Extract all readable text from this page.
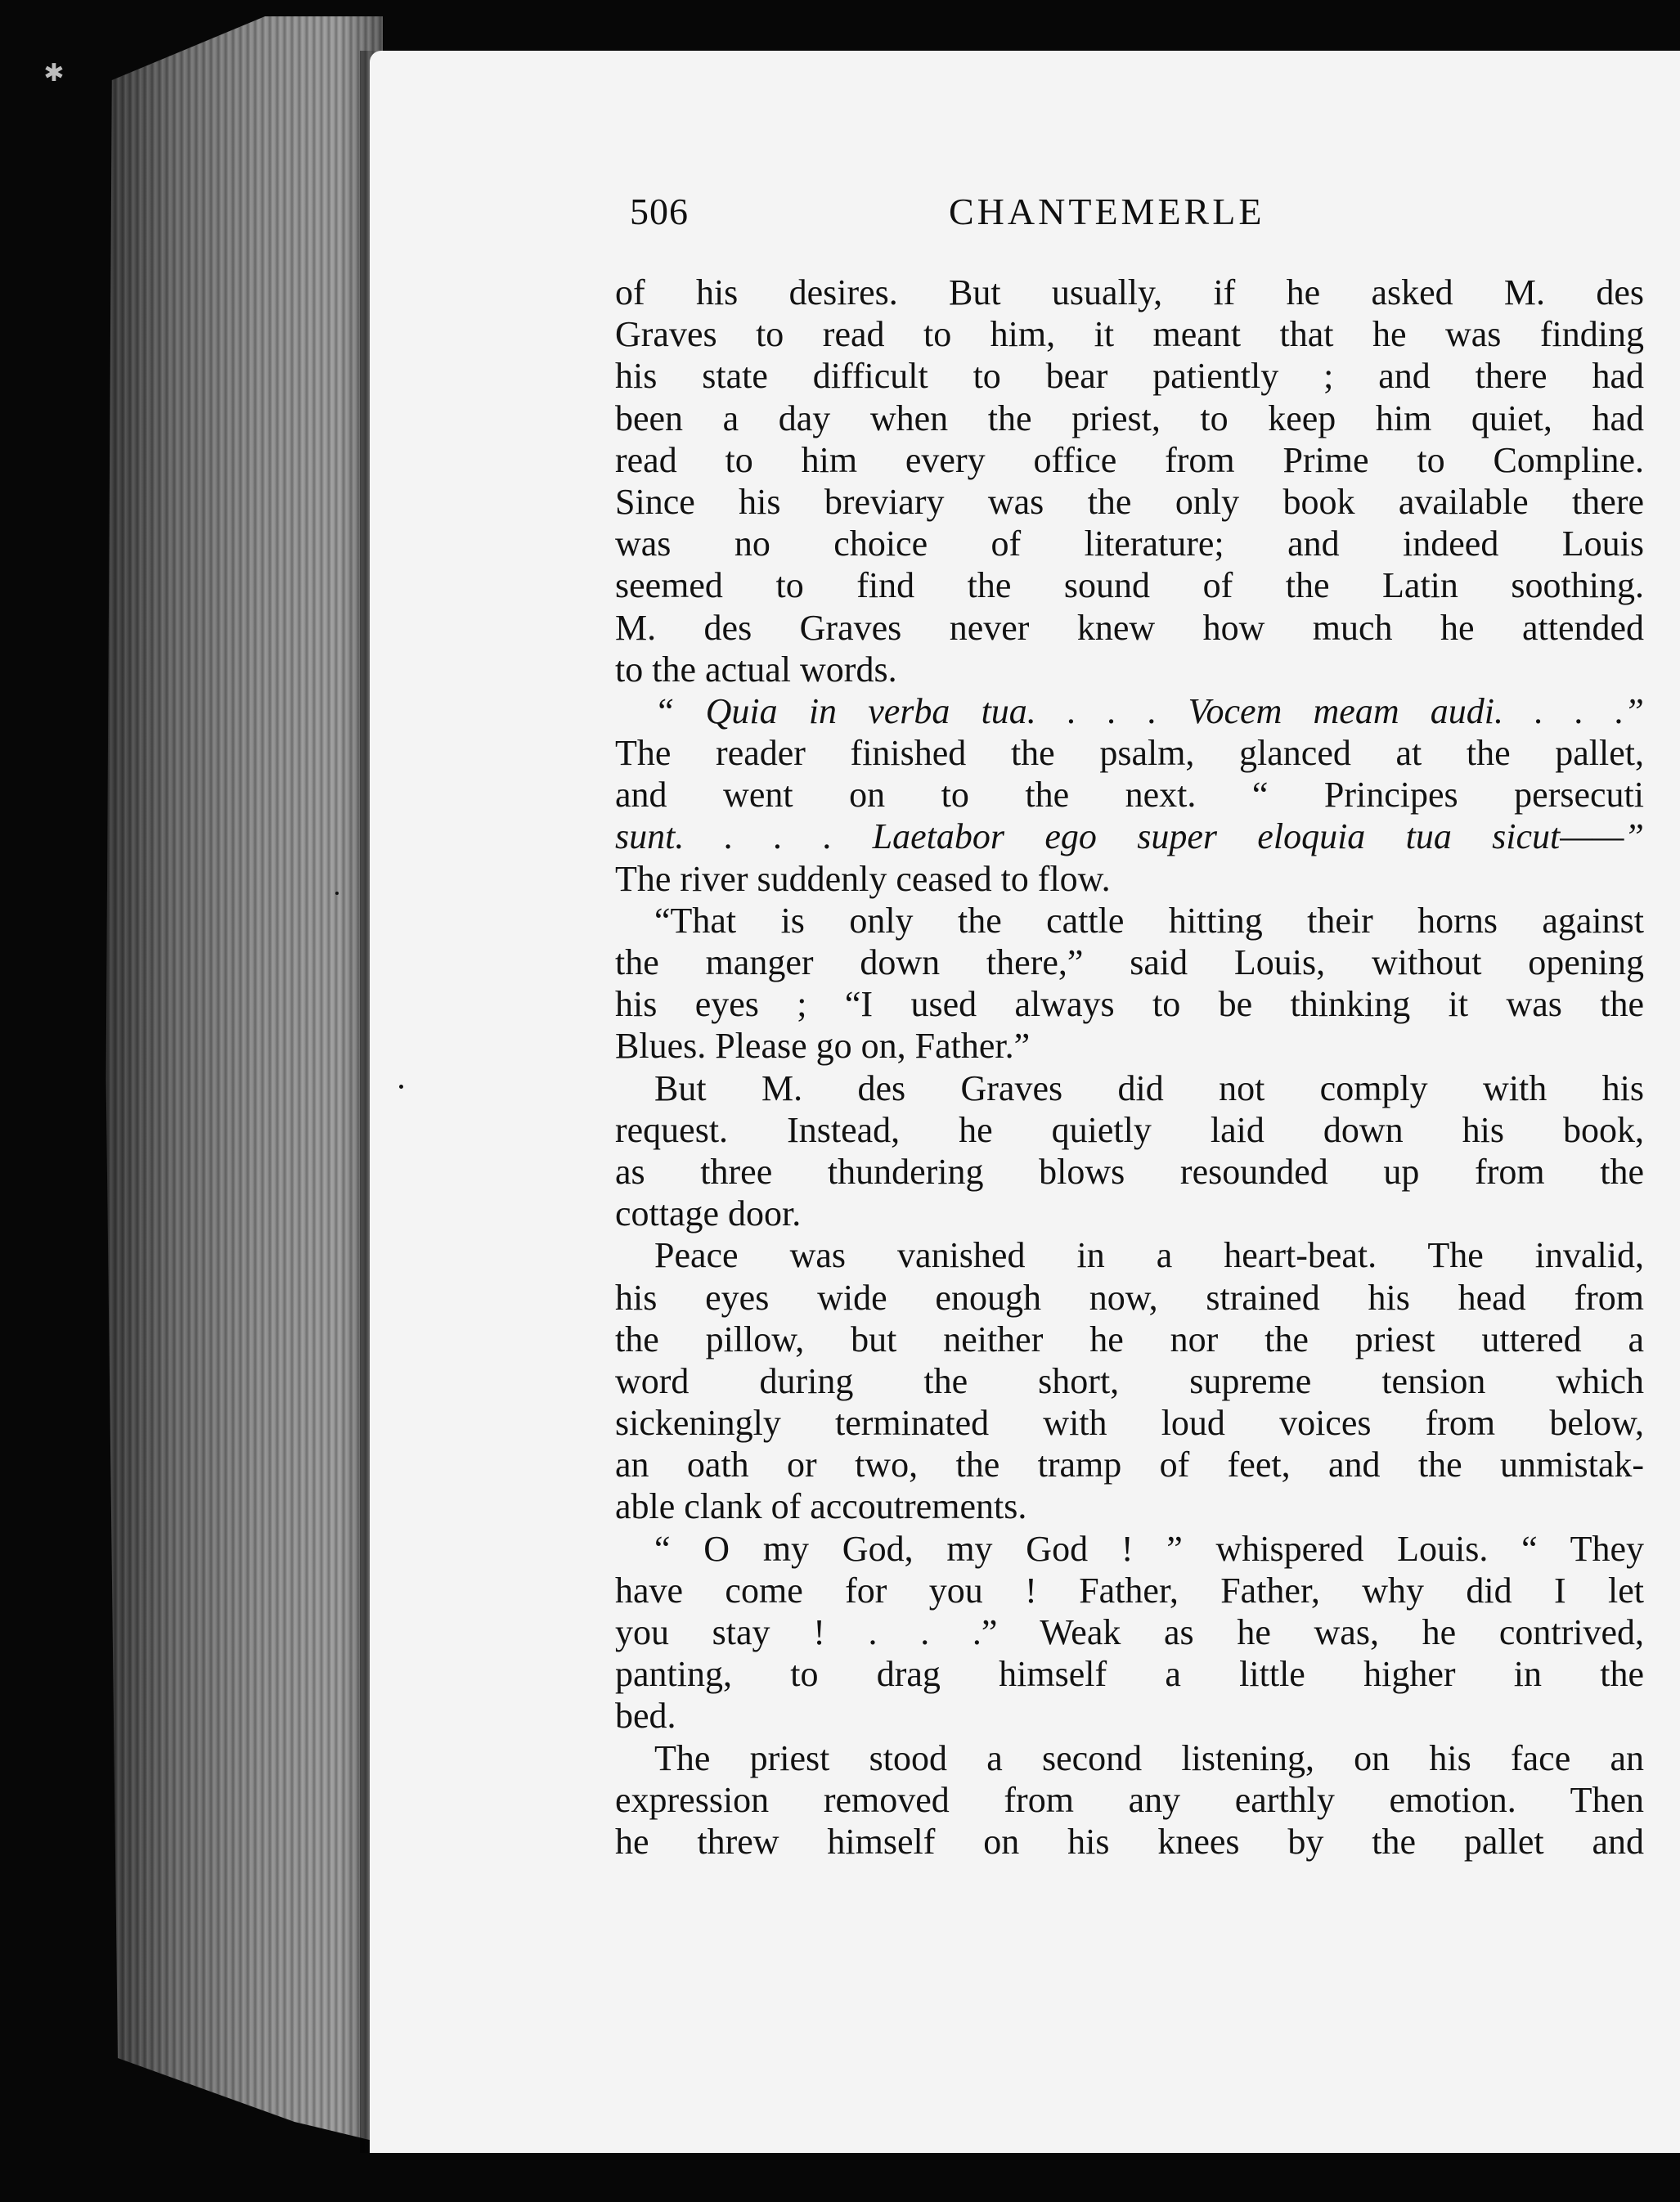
✱
506	CHANTEMERLE

of his desires. But usually, if he asked M. des
Graves to read to him, it meant that he was finding
his state difficult to bear patiently ; and there had
been a day when the priest, to keep him quiet, had
read to him every office from Prime to Compline.
Since his breviary was the only book available there
was no choice of literature; and indeed Louis
seemed to find the sound of the Latin soothing.
M. des Graves never knew how much he attended
to the actual words.

“ Quia in verba tua. . . . Vocem meam audi. . . .”
The reader finished the psalm, glanced at the pallet,
and went on to the next. “ Principes persecuti
sunt. . . . Laetabor ego super eloquia tua sicut——”
The river suddenly ceased to flow.

“That is only the cattle hitting their horns against
the manger down there,” said Louis, without opening
his eyes ; “I used always to be thinking it was the
Blues. Please go on, Father.”

But M. des Graves did not comply with his
request. Instead, he quietly laid down his book,
as three thundering blows resounded up from the
cottage door.

Peace was vanished in a heart-beat. The invalid,
his eyes wide enough now, strained his head from
the pillow, but neither he nor the priest uttered a
word during the short, supreme tension which
sickeningly terminated with loud voices from below,
an oath or two, the tramp of feet, and the unmistak-
able clank of accoutrements.

“ O my God, my God ! ” whispered Louis. “ They
have come for you ! Father, Father, why did I let
you stay ! . . .” Weak as he was, he contrived,
panting, to drag himself a little higher in the
bed.

The priest stood a second listening, on his face an
expression removed from any earthly emotion. Then
he threw himself on his knees by the pallet and
